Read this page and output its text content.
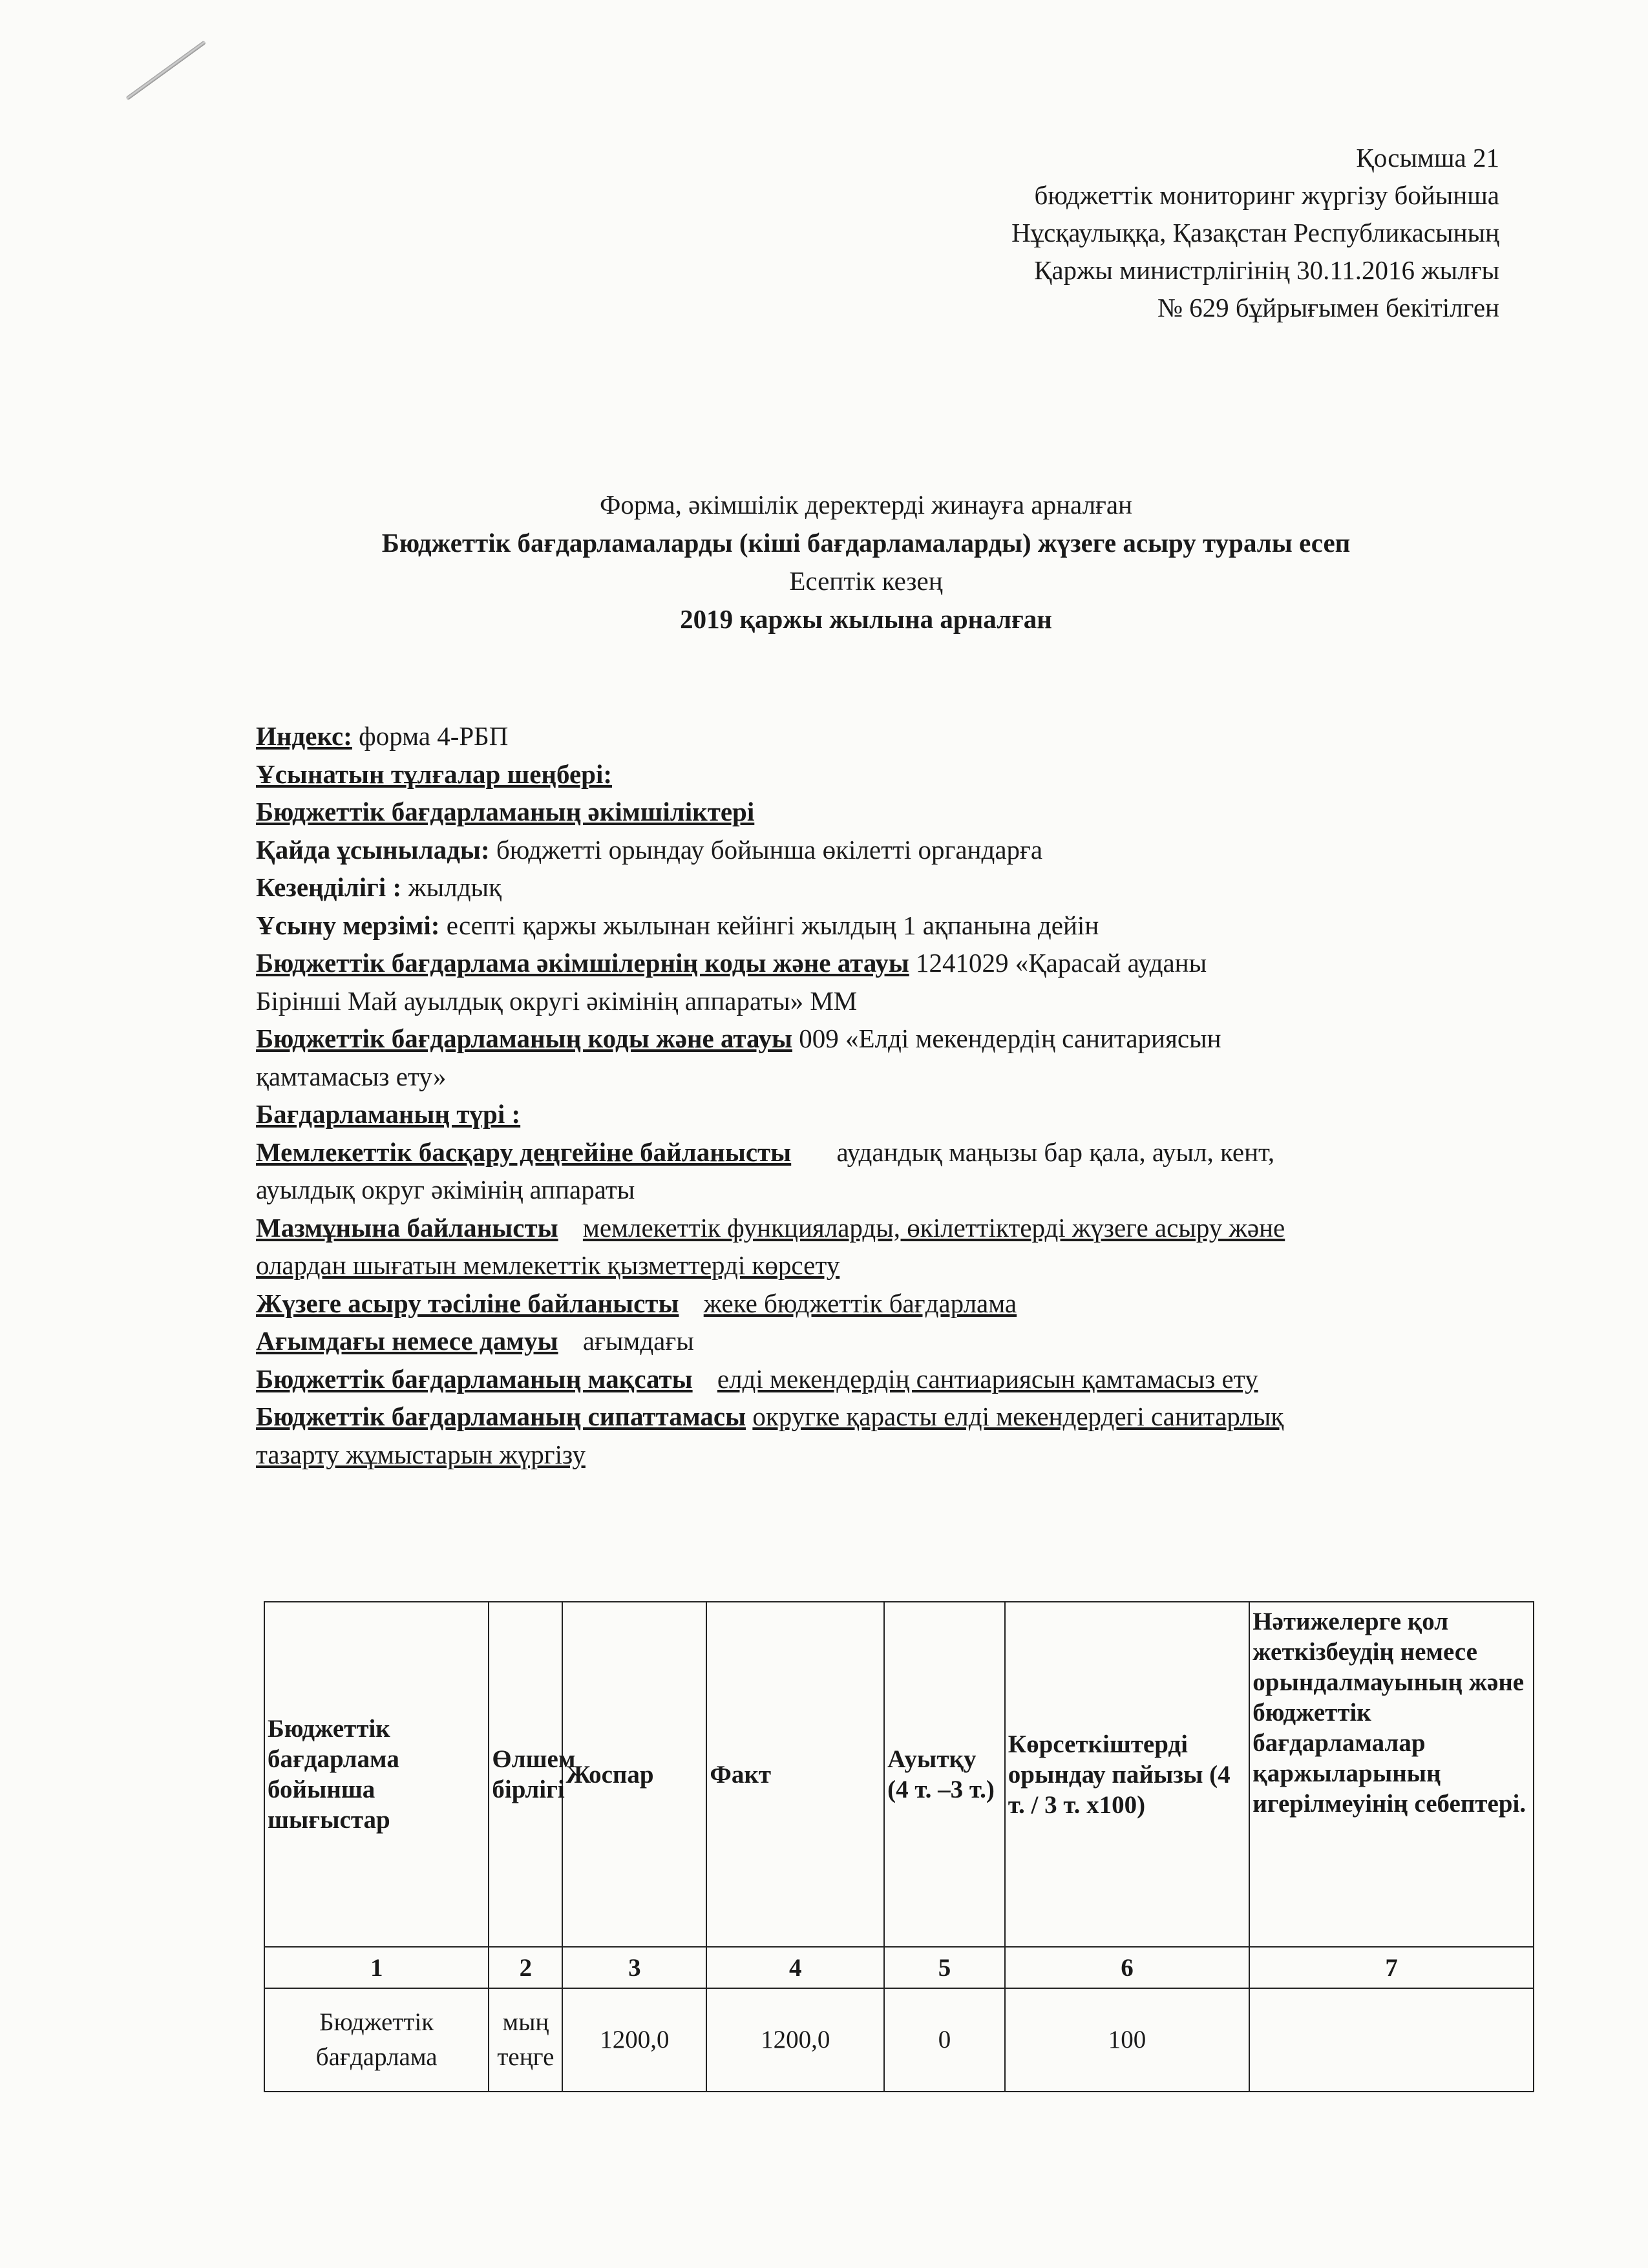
Қосымша 21
бюджеттік мониторинг жүргізу бойынша
Нұсқаулыққа, Қазақстан Республикасының
Қаржы министрлігінің 30.11.2016 жылғы
№ 629 бұйрығымен бекітілген
Форма, әкімшілік деректерді жинауға арналған
Бюджеттік бағдарламаларды (кіші бағдарламаларды) жүзеге асыру туралы есеп
Есептік кезең
2019 қаржы жылына арналған
Индекс: форма 4-РБП
Ұсынатын тұлғалар шеңбері:
Бюджеттік бағдарламаның әкімшіліктері
Қайда ұсынылады: бюджетті орындау бойынша өкілетті органдарға
Кезеңділігі : жылдық
Ұсыну мерзімі: есепті қаржы жылынан кейінгі жылдың 1 ақпанына дейін
Бюджеттік бағдарлама әкімшілернің коды және атауы 1241029 «Қарасай ауданы
Бірінші Май ауылдық округі әкімінің аппараты» ММ
Бюджеттік бағдарламаның коды және атауы 009 «Елді мекендердің санитариясын
қамтамасыз ету»
Бағдарламаның түрі :
Мемлекеттік басқару деңгейіне байланысты аудандық маңызы бар қала, ауыл, кент,
ауылдық округ әкімінің аппараты
Мазмұнына байланысты мемлекеттік функцияларды, өкілеттіктерді жүзеге асыру және
олардан шығатын мемлекеттік қызметтерді көрсету
Жүзеге асыру тәсіліне байланысты жеке бюджеттік бағдарлама
Ағымдағы немесе дамуы ағымдағы
Бюджеттік бағдарламаның мақсаты елді мекендердің сантиариясын қамтамасыз ету
Бюджеттік бағдарламаның сипаттамасы округке қарасты елді мекендердегі санитарлық
тазарту жұмыстарын жүргізу
Бюджеттік бағдарлама бойынша шығыстар	Өлшем бірлігі	Жоспар	Факт	Ауытқу (4 т. –3 т.)	Көрсеткіштерді орындау пайызы (4 т. / 3 т. х100)	Нәтижелерге қол жеткізбеудің немесе орындалмауының және бюджеттік бағдарламалар қаржыларының игерілмеуінің себептері.
1	2	3	4	5	6	7
Бюджеттік бағдарлама	мың теңге	1200,0	1200,0	0	100	
